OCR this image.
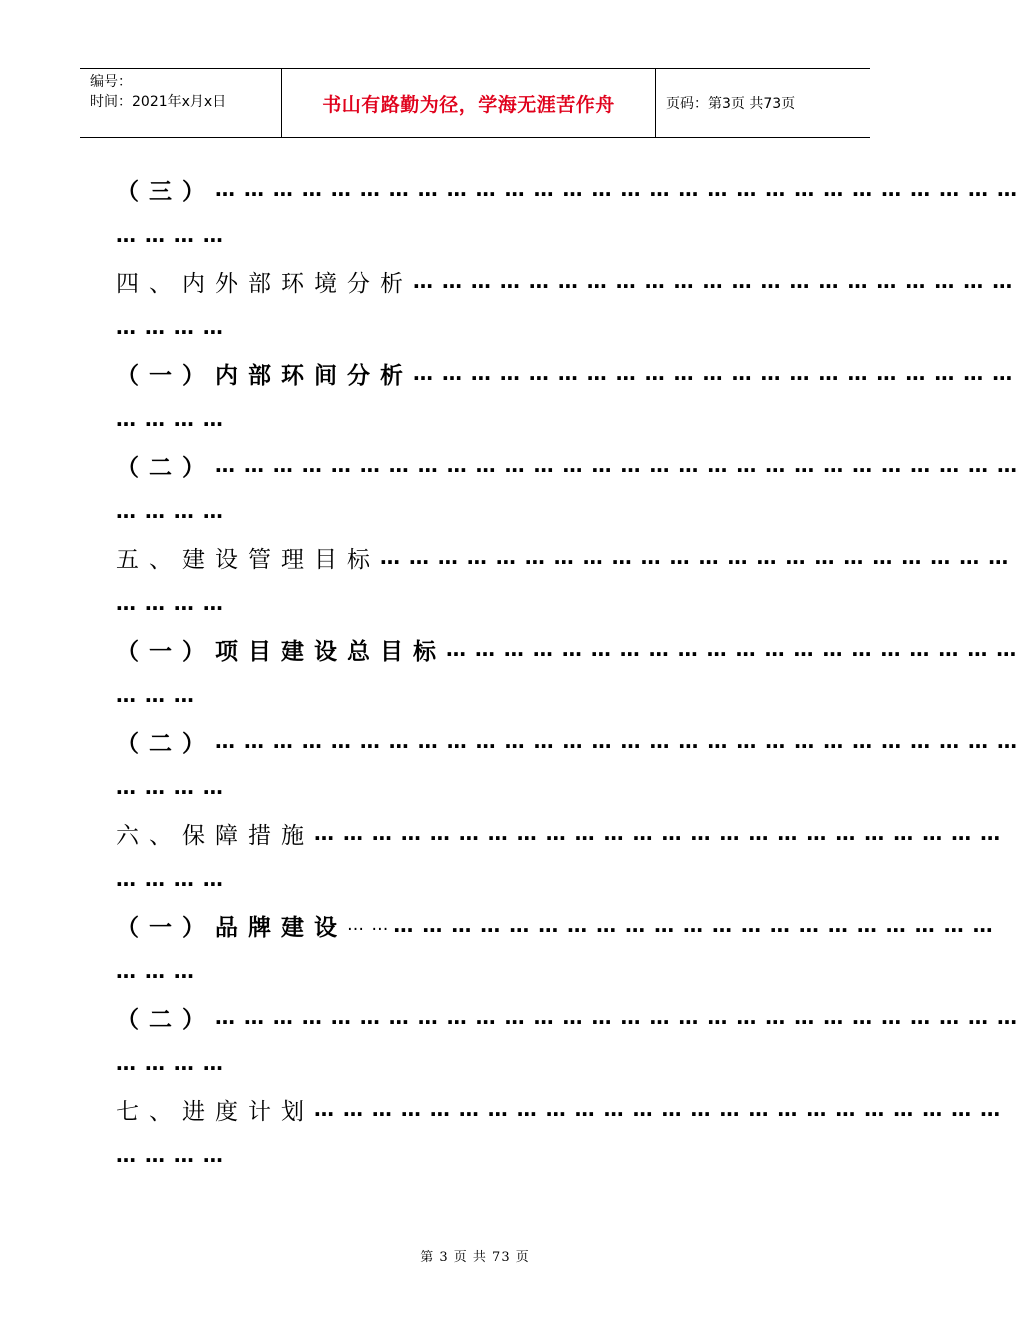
编号：
时间：2021年x月x日	书山有路勤为径，学海无涯苦作舟	页码：第3页 共73页
（三） … … … … … … … … … … … … … … … … … … … … … … … … … … … …
… … … …
四、内外部环境分析 … … … … … … … … … … … … … … … … … … … … …
… … … …
（一）内部环间分析 … … … … … … … … … … … … … … … … … … … … …
… … … …
（二） … … … … … … … … … … … … … … … … … … … … … … … … … … … …
… … … …
五、建设管理目标 … … … … … … … … … … … … … … … … … … … … … …
… … … …
（一）项目建设总目标 … … … … … … … … … … … … … … … … … … … …
… … …
（二） … … … … … … … … … … … … … … … … … … … … … … … … … … … …
… … … …
六、保障措施 … … … … … … … … … … … … … … … … … … … … … … … …
… … … …
（一）品牌建设 … … … … … … … … … … … … … … … … … … … … … … …
… … …
（二） … … … … … … … … … … … … … … … … … … … … … … … … … … … …
… … … …
七、进度计划 … … … … … … … … … … … … … … … … … … … … … … … …
… … … …
第 3 页 共 73 页
